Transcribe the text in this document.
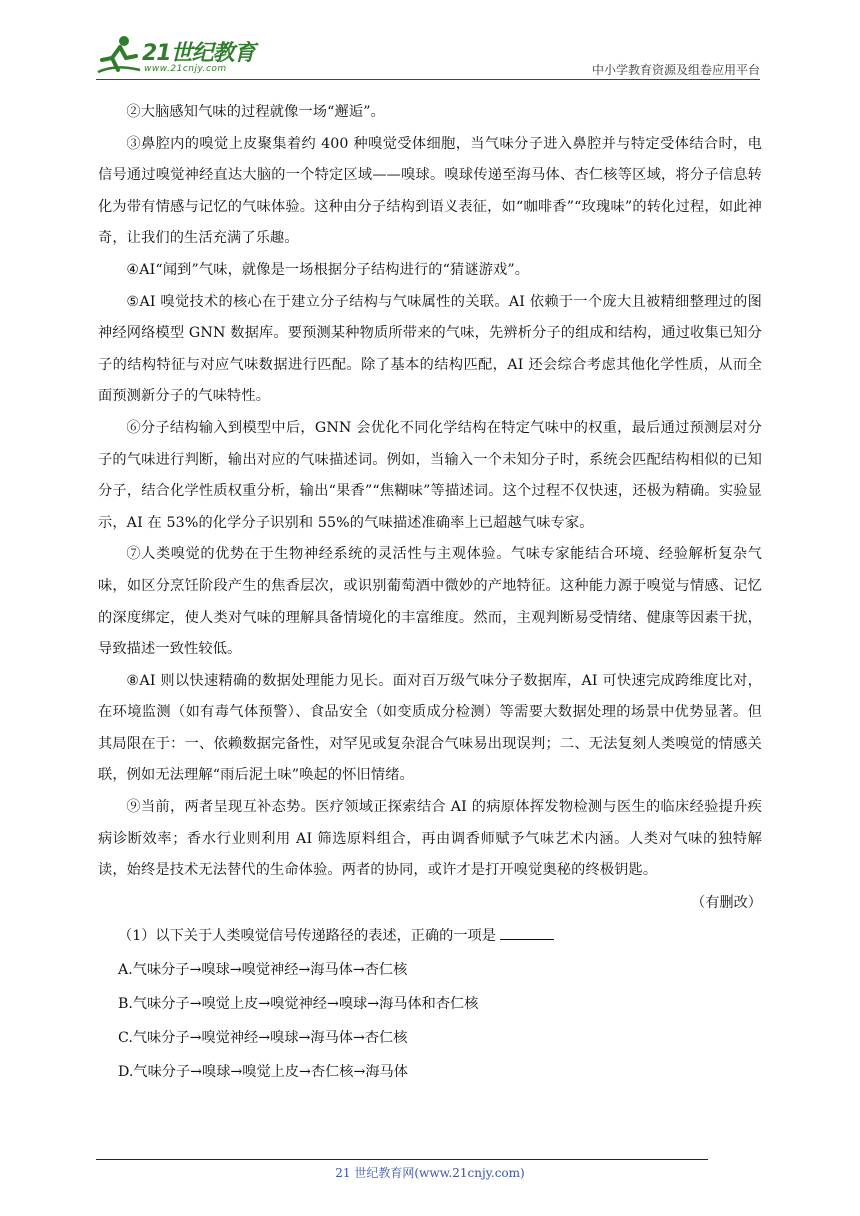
21世纪教育
www.21cnjy.com	中小学教育资源及组卷应用平台

②大脑感知气味的过程就像一场“邂逅”。

③鼻腔内的嗅觉上皮聚集着约 400 种嗅觉受体细胞，当气味分子进入鼻腔并与特定受体结合时，电信号通过嗅觉神经直达大脑的一个特定区域——嗅球。嗅球传递至海马体、杏仁核等区域，将分子信息转化为带有情感与记忆的气味体验。这种由分子结构到语义表征，如“咖啡香”“玫瑰味”的转化过程，如此神奇，让我们的生活充满了乐趣。

④AI“闻到”气味，就像是一场根据分子结构进行的“猜谜游戏”。

⑤AI 嗅觉技术的核心在于建立分子结构与气味属性的关联。AI 依赖于一个庞大且被精细整理过的图神经网络模型 GNN 数据库。要预测某种物质所带来的气味，先辨析分子的组成和结构，通过收集已知分子的结构特征与对应气味数据进行匹配。除了基本的结构匹配，AI 还会综合考虑其他化学性质，从而全面预测新分子的气味特性。

⑥分子结构输入到模型中后，GNN 会优化不同化学结构在特定气味中的权重，最后通过预测层对分子的气味进行判断，输出对应的气味描述词。例如，当输入一个未知分子时，系统会匹配结构相似的已知分子，结合化学性质权重分析，输出“果香”“焦糊味”等描述词。这个过程不仅快速，还极为精确。实验显示，AI 在 53%的化学分子识别和 55%的气味描述准确率上已超越气味专家。

⑦人类嗅觉的优势在于生物神经系统的灵活性与主观体验。气味专家能结合环境、经验解析复杂气味，如区分烹饪阶段产生的焦香层次，或识别葡萄酒中微妙的产地特征。这种能力源于嗅觉与情感、记忆的深度绑定，使人类对气味的理解具备情境化的丰富维度。然而，主观判断易受情绪、健康等因素干扰，导致描述一致性较低。

⑧AI 则以快速精确的数据处理能力见长。面对百万级气味分子数据库，AI 可快速完成跨维度比对，在环境监测（如有毒气体预警）、食品安全（如变质成分检测）等需要大数据处理的场景中优势显著。但其局限在于：一、依赖数据完备性，对罕见或复杂混合气味易出现误判；二、无法复刻人类嗅觉的情感关联，例如无法理解“雨后泥土味”唤起的怀旧情绪。

⑨当前，两者呈现互补态势。医疗领域正探索结合 AI 的病原体挥发物检测与医生的临床经验提升疾病诊断效率；香水行业则利用 AI 筛选原料组合，再由调香师赋予气味艺术内涵。人类对气味的独特解读，始终是技术无法替代的生命体验。两者的协同，或许才是打开嗅觉奥秘的终极钥匙。

（有删改）

（1）以下关于人类嗅觉信号传递路径的表述，正确的一项是

A.气味分子→嗅球→嗅觉神经→海马体→杏仁核

B.气味分子→嗅觉上皮→嗅觉神经→嗅球→海马体和杏仁核

C.气味分子→嗅觉神经→嗅球→海马体→杏仁核

D.气味分子→嗅球→嗅觉上皮→杏仁核→海马体

21 世纪教育网(www.21cnjy.com)
